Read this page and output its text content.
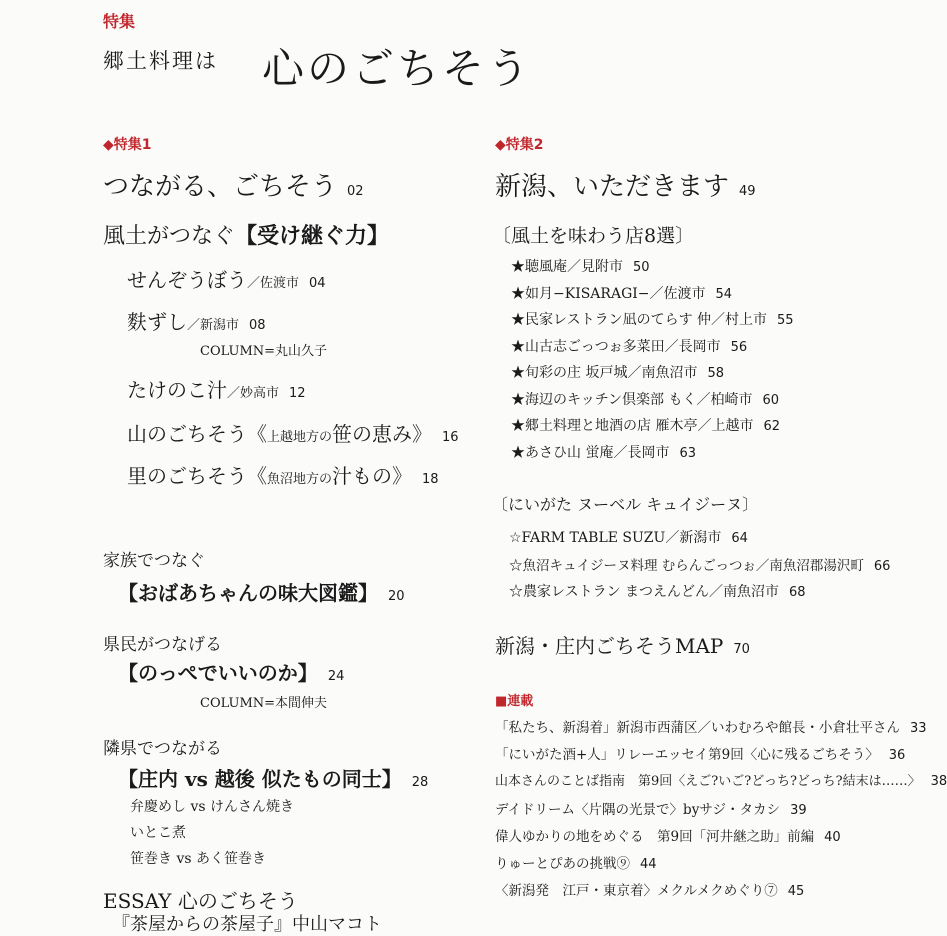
特集
郷土料理は 心のごちそう
◆特集1
つながる、ごちそう 02
風土がつなぐ【受け継ぐ力】
せんぞうぼう／佐渡市 04
麩ずし／新潟市 08
COLUMN=丸山久子
たけのこ汁／妙高市 12
山のごちそう《上越地方の笹の恵み》 16
里のごちそう《魚沼地方の汁もの》 18
家族でつなぐ
【おばあちゃんの味大図鑑】 20
県民がつなげる
【のっぺでいいのか】 24
COLUMN=本間伸夫
隣県でつながる
【庄内 vs 越後 似たもの同士】 28
弁慶めし vs けんさん焼き
いとこ煮
笹巻き vs あく笹巻き
ESSAY 心のごちそう
『茶屋からの茶屋子』中山マコト
◆特集2
新潟、いただきます 49
〔風土を味わう店8選〕
★聴風庵／見附市 50
★如月−KISARAGI−／佐渡市 54
★民家レストラン凪のてらす 仲／村上市 55
★山古志ごっつぉ多菜田／長岡市 56
★旬彩の庄 坂戸城／南魚沼市 58
★海辺のキッチン倶楽部 もく／柏崎市 60
★郷土料理と地酒の店 雁木亭／上越市 62
★あさひ山 蛍庵／長岡市 63
〔にいがた ヌーベル キュイジーヌ〕
☆FARM TABLE SUZU／新潟市 64
☆魚沼キュイジーヌ料理 むらんごっつぉ／南魚沼郡湯沢町 66
☆農家レストラン まつえんどん／南魚沼市 68
新潟・庄内ごちそうMAP 70
■連載
「私たち、新潟着」新潟市西蒲区／いわむろや館長・小倉壮平さん 33
「にいがた酒+人」リレーエッセイ第9回〈心に残るごちそう〉 36
山本さんのことば指南　第9回〈えご?いご?どっち?どっち?結末は……〉 38
デイドリーム〈片隅の光景で〉byサジ・タカシ 39
偉人ゆかりの地をめぐる　第9回「河井継之助」前編 40
りゅーとぴあの挑戦⑨ 44
〈新潟発　江戸・東京着〉メクルメクめぐり⑦ 45
